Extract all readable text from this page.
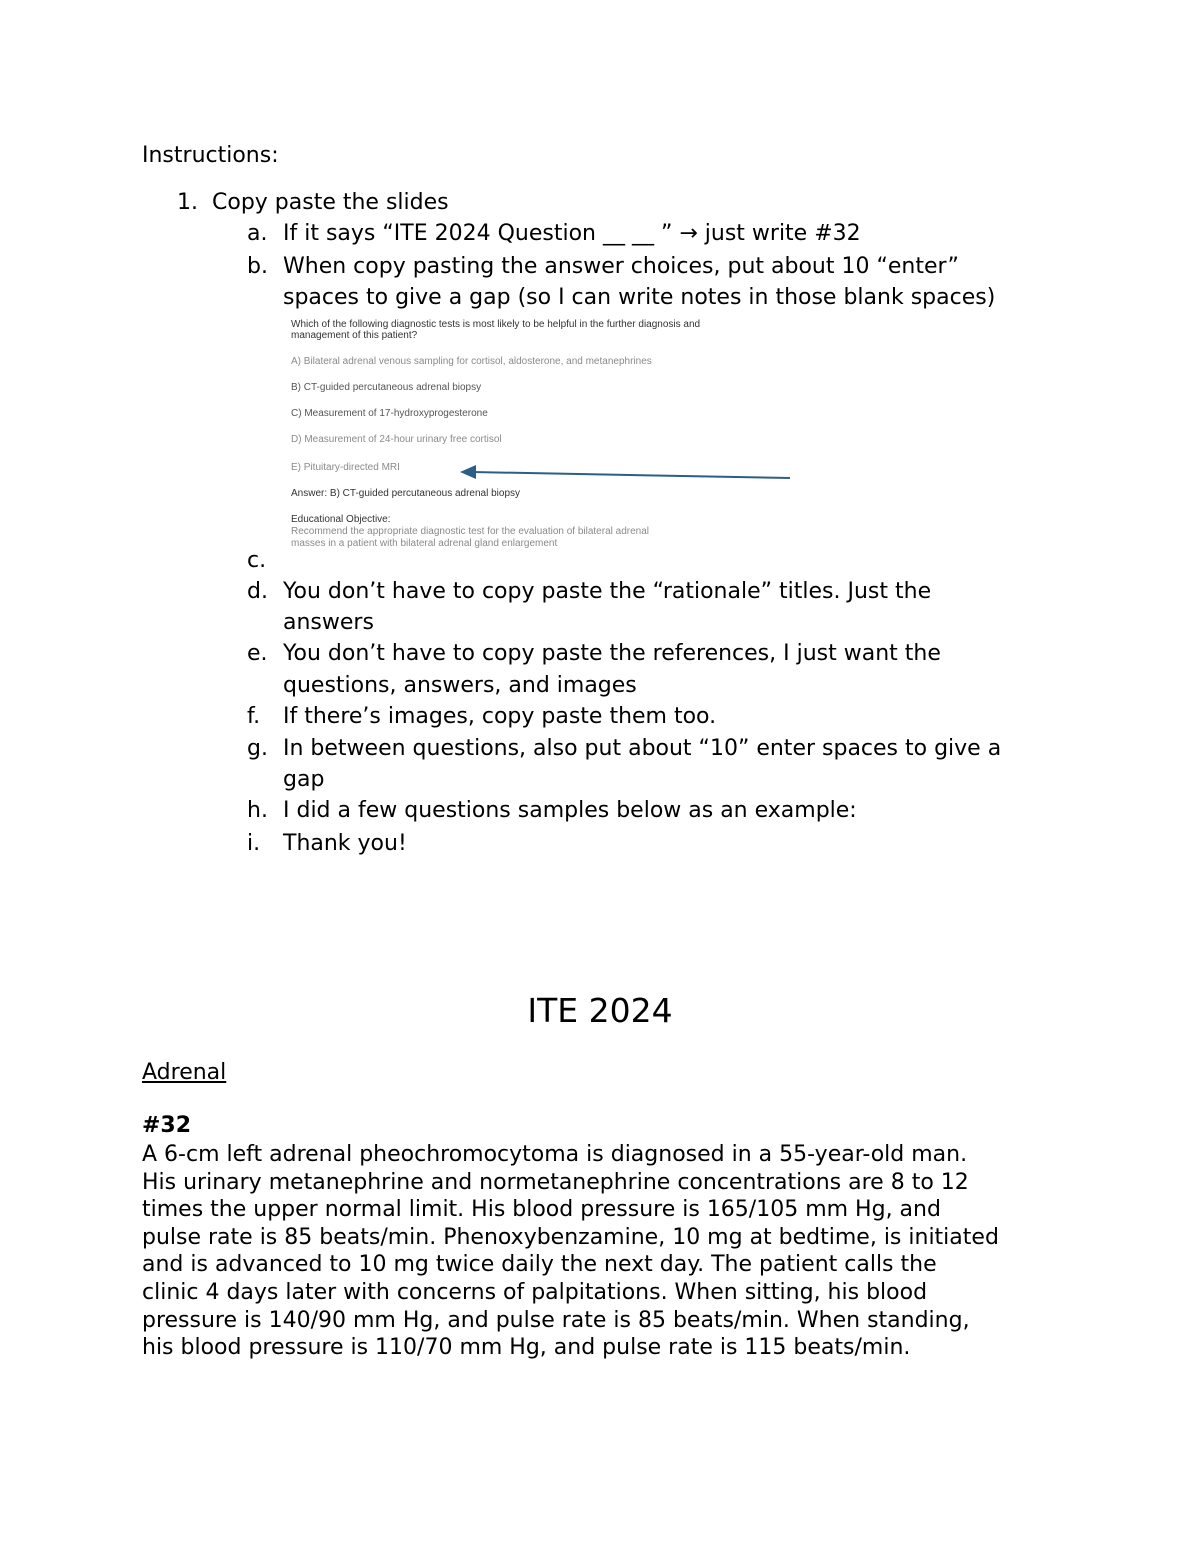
Instructions:
1. Copy paste the slides
a. If it says “ITE 2024 Question __ __ ” → just write #32
b. When copy pasting the answer choices, put about 10 “enter”
spaces to give a gap (so I can write notes in those blank spaces)
Which of the following diagnostic tests is most likely to be helpful in the further diagnosis and
management of this patient?
A) Bilateral adrenal venous sampling for cortisol, aldosterone, and metanephrines
B) CT-guided percutaneous adrenal biopsy
C) Measurement of 17-hydroxyprogesterone
D) Measurement of 24-hour urinary free cortisol
E) Pituitary-directed MRI
Answer: B) CT-guided percutaneous adrenal biopsy
Educational Objective:
Recommend the appropriate diagnostic test for the evaluation of bilateral adrenal
masses in a patient with bilateral adrenal gland enlargement
c.
d. You don’t have to copy paste the “rationale” titles. Just the
answers
e. You don’t have to copy paste the references, I just want the
questions, answers, and images
f. If there’s images, copy paste them too.
g. In between questions, also put about “10” enter spaces to give a
gap
h. I did a few questions samples below as an example:
i. Thank you!
ITE 2024
Adrenal
#32
A 6-cm left adrenal pheochromocytoma is diagnosed in a 55-year-old man.
His urinary metanephrine and normetanephrine concentrations are 8 to 12
times the upper normal limit. His blood pressure is 165/105 mm Hg, and
pulse rate is 85 beats/min. Phenoxybenzamine, 10 mg at bedtime, is initiated
and is advanced to 10 mg twice daily the next day. The patient calls the
clinic 4 days later with concerns of palpitations. When sitting, his blood
pressure is 140/90 mm Hg, and pulse rate is 85 beats/min. When standing,
his blood pressure is 110/70 mm Hg, and pulse rate is 115 beats/min.
